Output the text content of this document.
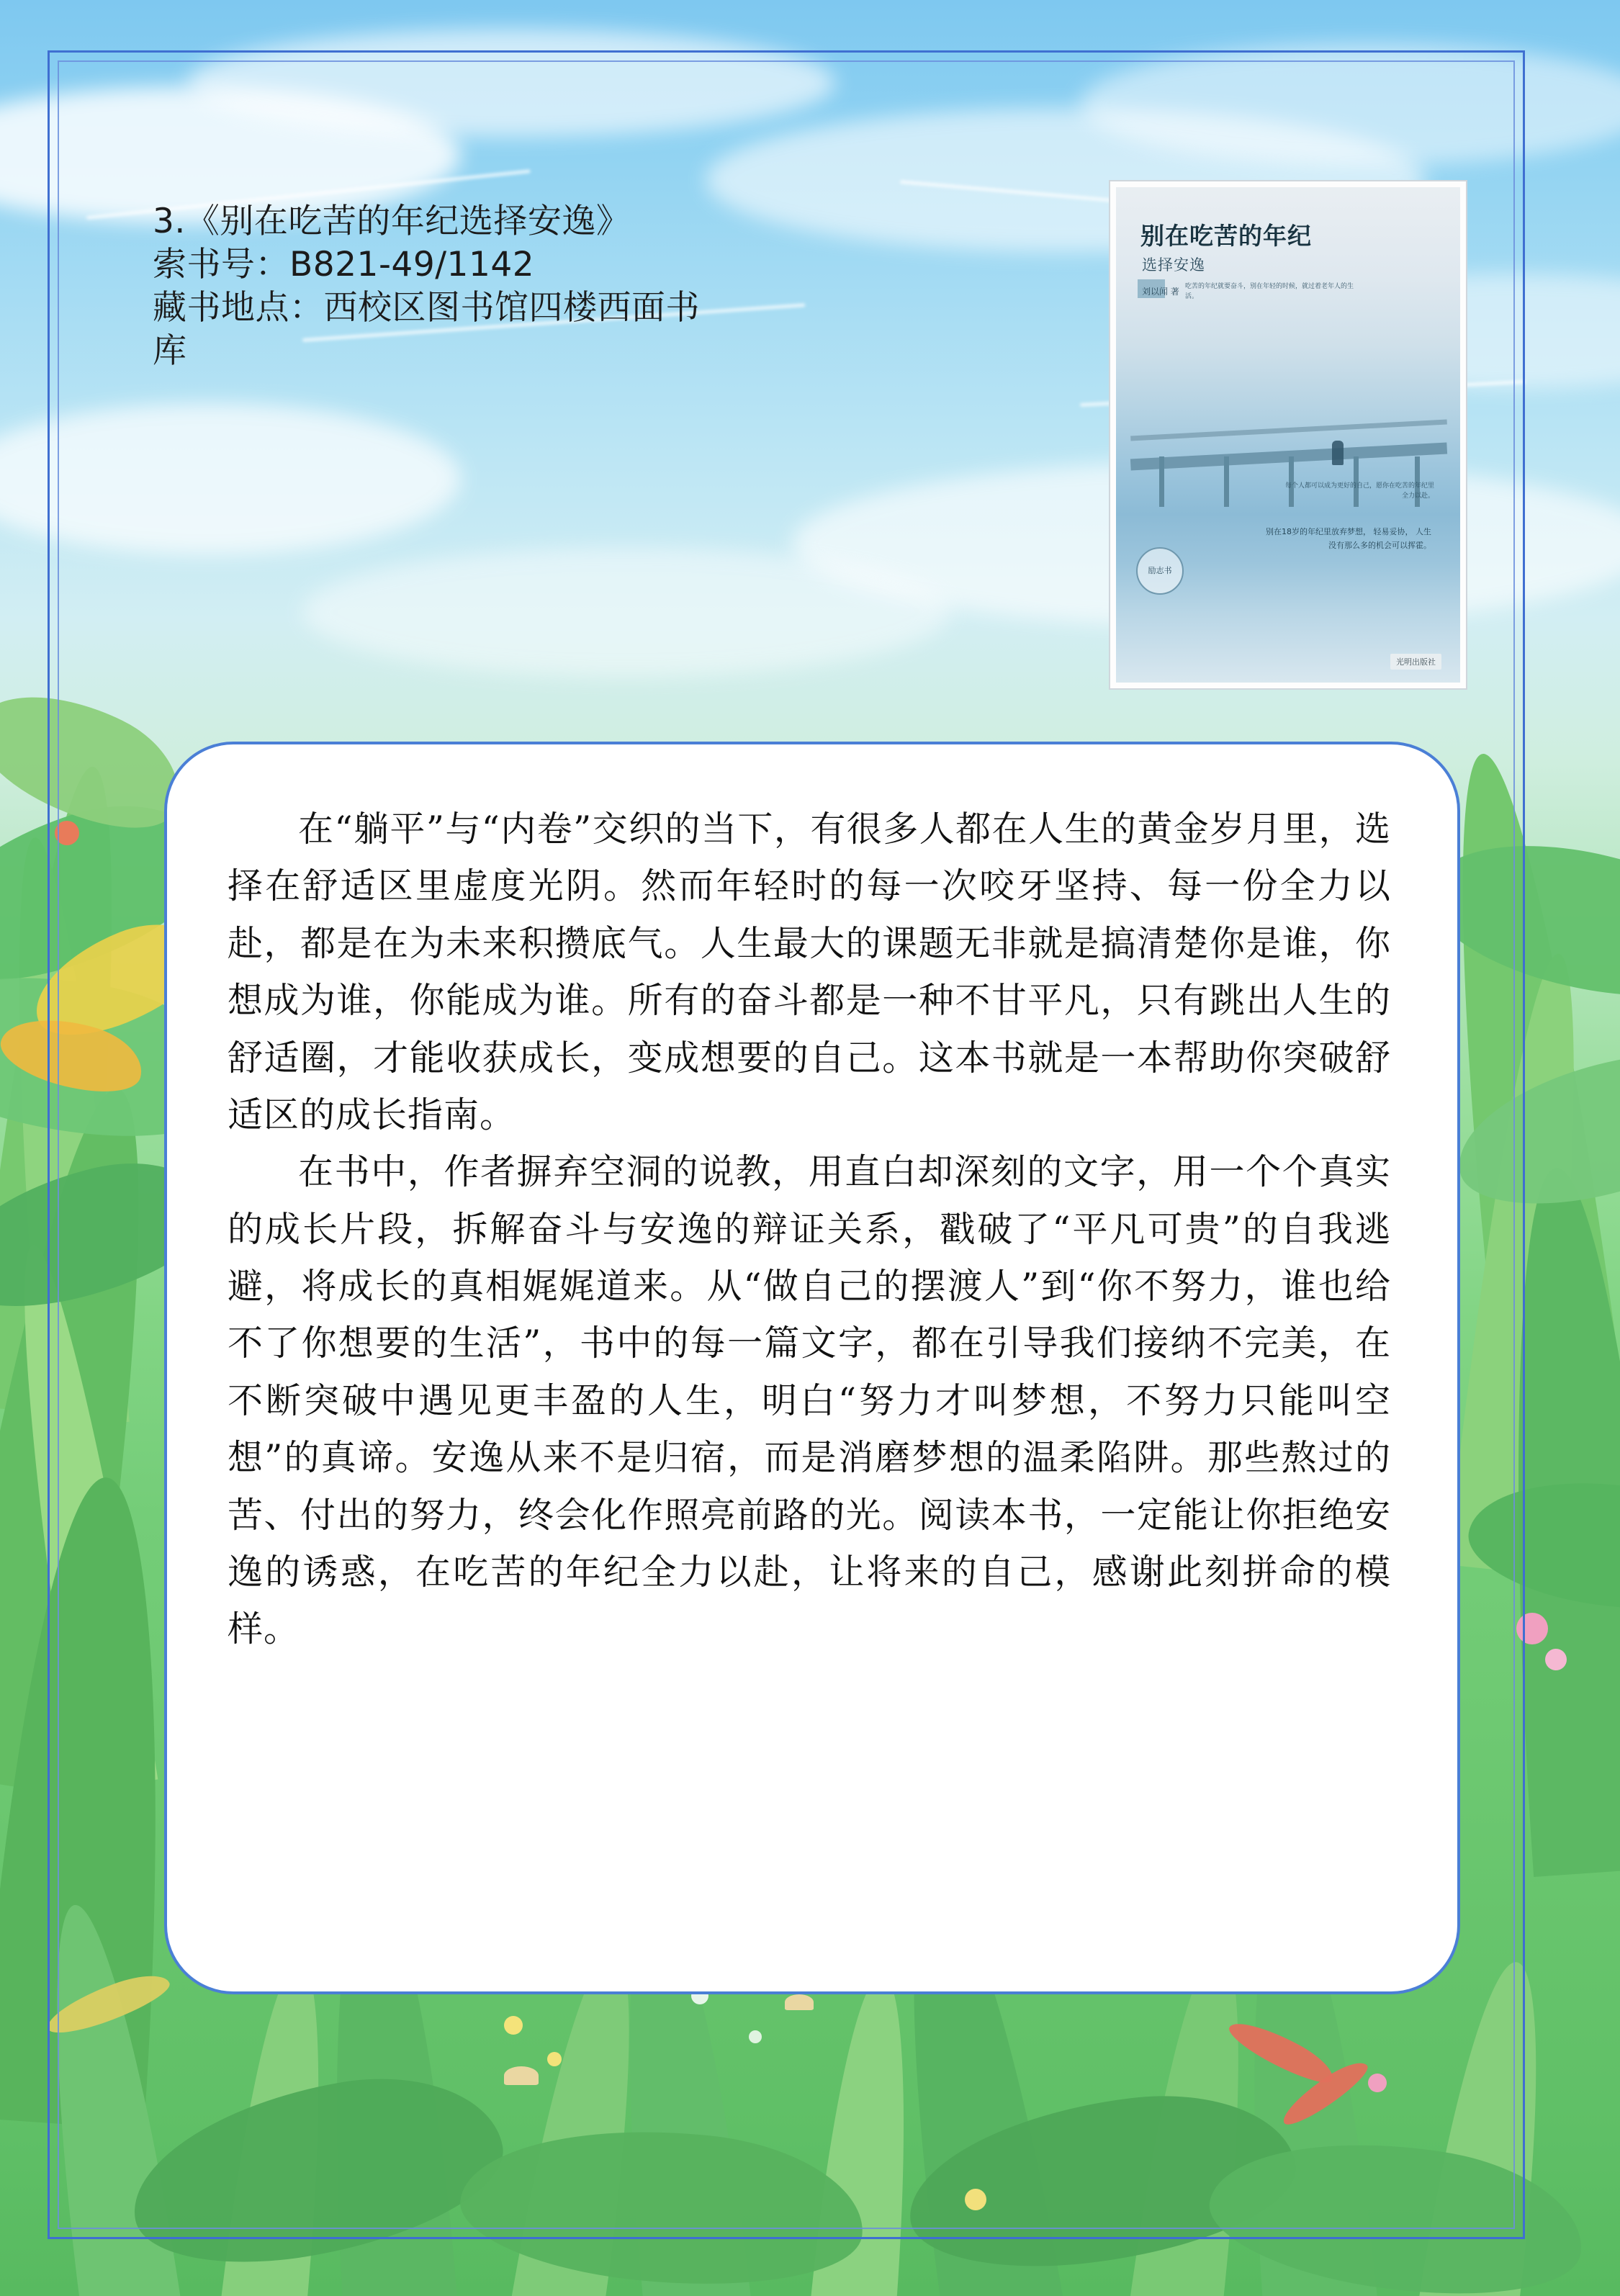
3.《别在吃苦的年纪选择安逸》
索书号：B821-49/1142
藏书地点：西校区图书馆四楼西面书
库
别在吃苦的年纪
选择安逸
刘以闻 著 吃苦的年纪就要奋斗，别在年轻的时候，就过着老年人的生活。
每个人都可以成为更好的自己，愿你在吃苦的年纪里全力以赴。
励志书
别在18岁的年纪里放弃梦想， 轻易妥协， 人生没有那么多的机会可以挥霍。
光明出版社

在“躺平”与“内卷”交织的当下，有很多人都在人生的黄金岁月里，选择在舒适区里虚度光阴。然而年轻时的每一次咬牙坚持、每一份全力以赴，都是在为未来积攒底气。人生最大的课题无非就是搞清楚你是谁，你想成为谁，你能成为谁。所有的奋斗都是一种不甘平凡，只有跳出人生的舒适圈，才能收获成长，变成想要的自己。这本书就是一本帮助你突破舒适区的成长指南。

在书中，作者摒弃空洞的说教，用直白却深刻的文字，用一个个真实的成长片段，拆解奋斗与安逸的辩证关系，戳破了“平凡可贵”的自我逃避，将成长的真相娓娓道来。从“做自己的摆渡人”到“你不努力，谁也给不了你想要的生活”，书中的每一篇文字，都在引导我们接纳不完美，在不断突破中遇见更丰盈的人生，明白“努力才叫梦想，不努力只能叫空想”的真谛。安逸从来不是归宿，而是消磨梦想的温柔陷阱。那些熬过的苦、付出的努力，终会化作照亮前路的光。阅读本书，一定能让你拒绝安逸的诱惑，在吃苦的年纪全力以赴，让将来的自己，感谢此刻拼命的模样。
